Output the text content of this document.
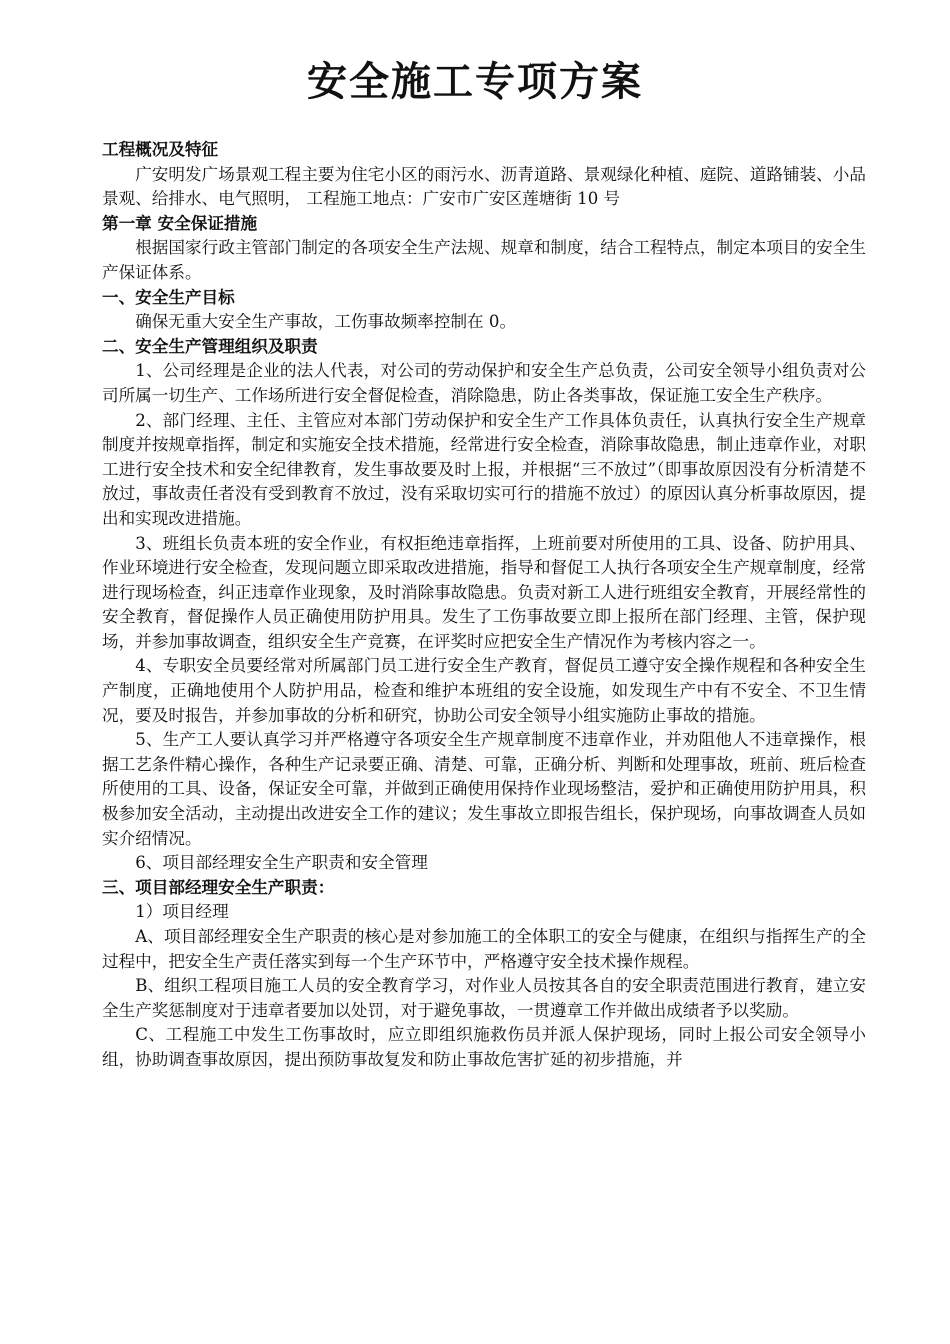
安全施工专项方案

工程概况及特征

广安明发广场景观工程主要为住宅小区的雨污水、沥青道路、景观绿化种植、庭院、道路铺装、小品景观、给排水、电气照明， 工程施工地点：广安市广安区莲塘街 10 号

第一章 安全保证措施

根据国家行政主管部门制定的各项安全生产法规、规章和制度，结合工程特点，制定本项目的安全生产保证体系。

一、安全生产目标

确保无重大安全生产事故，工伤事故频率控制在 0。

二、安全生产管理组织及职责

1、公司经理是企业的法人代表，对公司的劳动保护和安全生产总负责，公司安全领导小组负责对公司所属一切生产、工作场所进行安全督促检查，消除隐患，防止各类事故，保证施工安全生产秩序。

2、部门经理、主任、主管应对本部门劳动保护和安全生产工作具体负责任，认真执行安全生产规章制度并按规章指挥，制定和实施安全技术措施，经常进行安全检查，消除事故隐患，制止违章作业，对职工进行安全技术和安全纪律教育，发生事故要及时上报，并根据“三不放过”（即事故原因没有分析清楚不放过，事故责任者没有受到教育不放过，没有采取切实可行的措施不放过）的原因认真分析事故原因，提出和实现改进措施。

3、班组长负责本班的安全作业，有权拒绝违章指挥，上班前要对所使用的工具、设备、防护用具、作业环境进行安全检查，发现问题立即采取改进措施，指导和督促工人执行各项安全生产规章制度，经常进行现场检查，纠正违章作业现象，及时消除事故隐患。负责对新工人进行班组安全教育，开展经常性的安全教育，督促操作人员正确使用防护用具。发生了工伤事故要立即上报所在部门经理、主管，保护现场，并参加事故调查，组织安全生产竞赛，在评奖时应把安全生产情况作为考核内容之一。

4、专职安全员要经常对所属部门员工进行安全生产教育，督促员工遵守安全操作规程和各种安全生产制度，正确地使用个人防护用品，检查和维护本班组的安全设施，如发现生产中有不安全、不卫生情况，要及时报告，并参加事故的分析和研究，协助公司安全领导小组实施防止事故的措施。

5、生产工人要认真学习并严格遵守各项安全生产规章制度不违章作业，并劝阻他人不违章操作，根据工艺条件精心操作，各种生产记录要正确、清楚、可靠，正确分析、判断和处理事故，班前、班后检查所使用的工具、设备，保证安全可靠，并做到正确使用保持作业现场整洁，爱护和正确使用防护用具，积极参加安全活动，主动提出改进安全工作的建议；发生事故立即报告组长，保护现场，向事故调查人员如实介绍情况。

6、项目部经理安全生产职责和安全管理

三、项目部经理安全生产职责：

1）项目经理

A、项目部经理安全生产职责的核心是对参加施工的全体职工的安全与健康，在组织与指挥生产的全过程中，把安全生产责任落实到每一个生产环节中，严格遵守安全技术操作规程。

B、组织工程项目施工人员的安全教育学习，对作业人员按其各自的安全职责范围进行教育，建立安全生产奖惩制度对于违章者要加以处罚，对于避免事故，一贯遵章工作并做出成绩者予以奖励。

C、工程施工中发生工伤事故时，应立即组织施救伤员并派人保护现场，同时上报公司安全领导小组，协助调查事故原因，提出预防事故复发和防止事故危害扩延的初步措施，并
